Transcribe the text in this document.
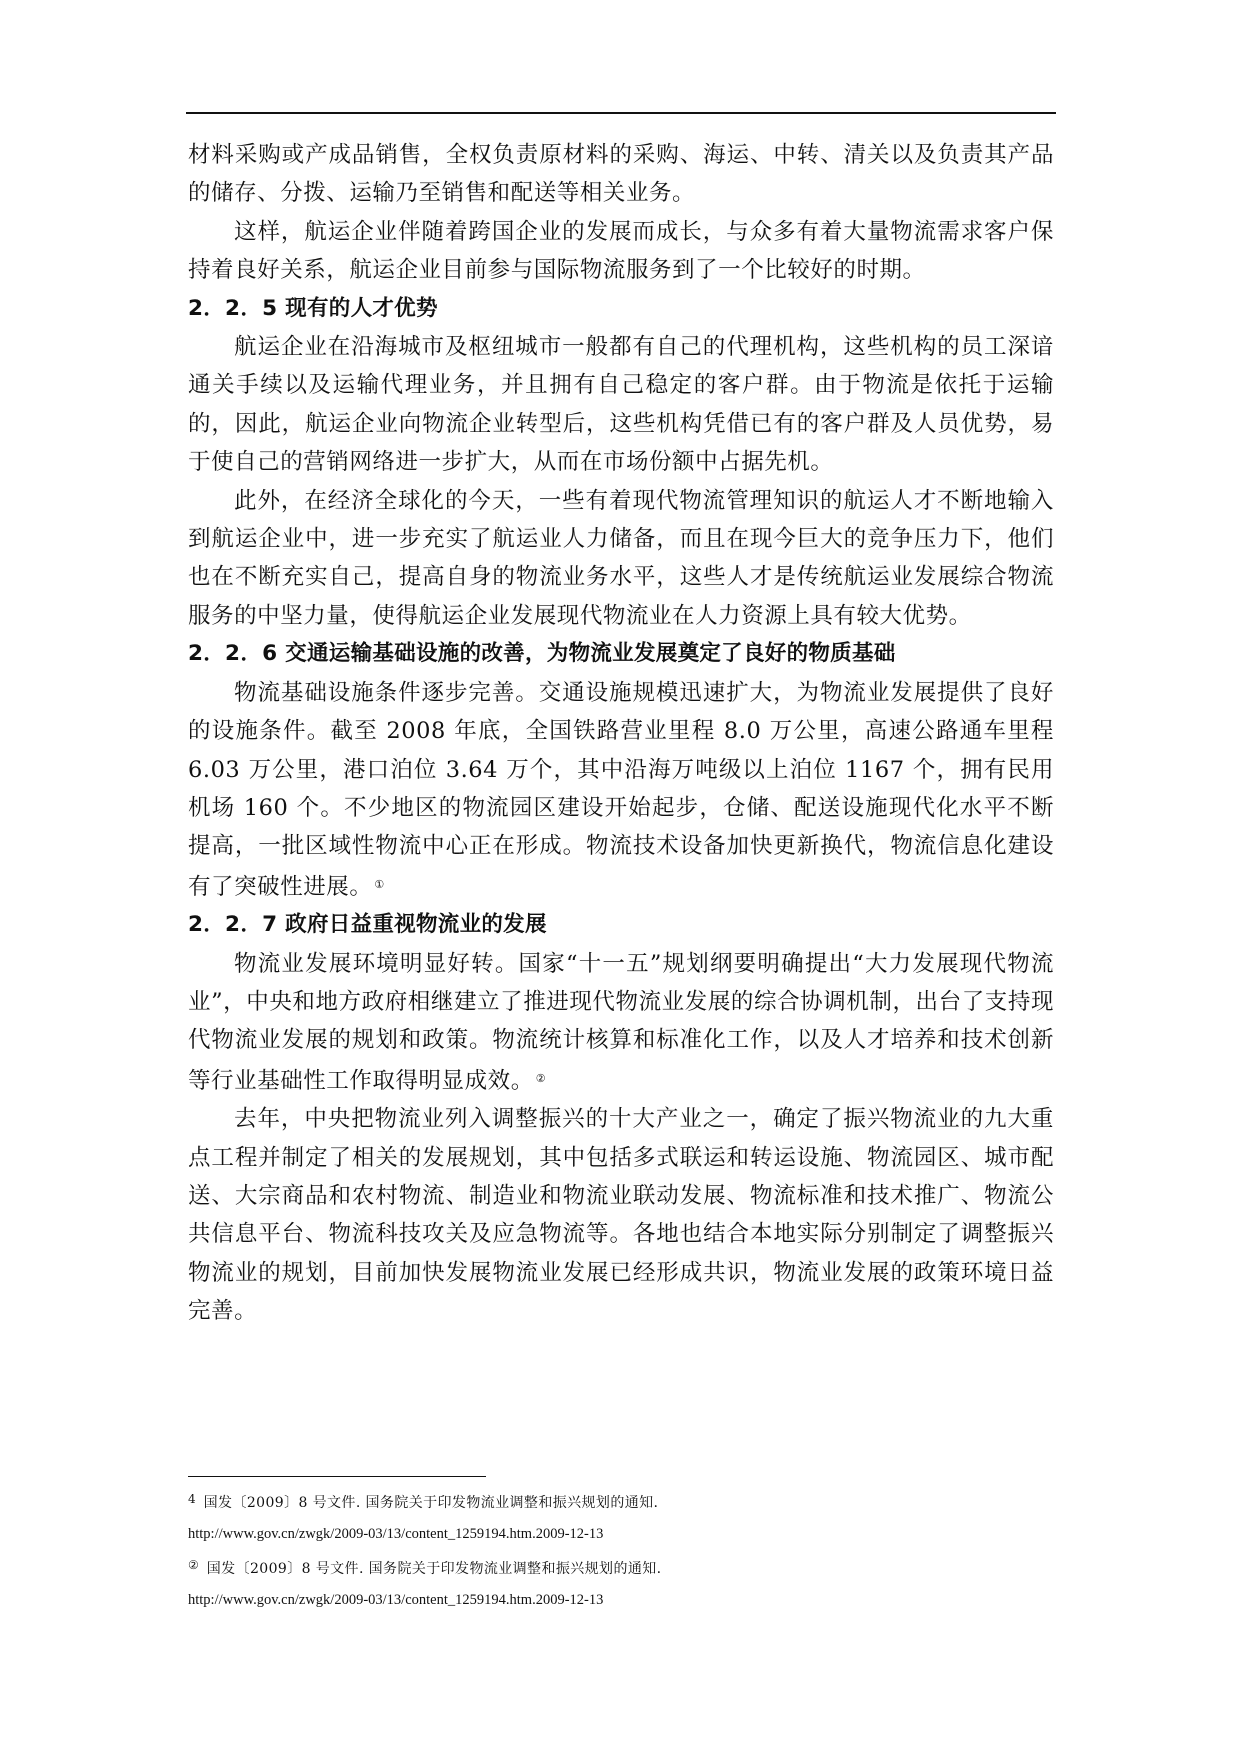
材料采购或产成品销售，全权负责原材料的采购、海运、中转、清关以及负责其产品的储存、分拨、运输乃至销售和配送等相关业务。

这样，航运企业伴随着跨国企业的发展而成长，与众多有着大量物流需求客户保持着良好关系，航运企业目前参与国际物流服务到了一个比较好的时期。

2．2．5 现有的人才优势

航运企业在沿海城市及枢纽城市一般都有自己的代理机构，这些机构的员工深谙通关手续以及运输代理业务，并且拥有自己稳定的客户群。由于物流是依托于运输的，因此，航运企业向物流企业转型后，这些机构凭借已有的客户群及人员优势，易于使自己的营销网络进一步扩大，从而在市场份额中占据先机。

此外，在经济全球化的今天，一些有着现代物流管理知识的航运人才不断地输入到航运企业中，进一步充实了航运业人力储备，而且在现今巨大的竞争压力下，他们也在不断充实自己，提高自身的物流业务水平，这些人才是传统航运业发展综合物流服务的中坚力量，使得航运企业发展现代物流业在人力资源上具有较大优势。

2．2．6 交通运输基础设施的改善，为物流业发展奠定了良好的物质基础

物流基础设施条件逐步完善。交通设施规模迅速扩大，为物流业发展提供了良好的设施条件。截至 2008 年底，全国铁路营业里程 8.0 万公里，高速公路通车里程 6.03 万公里，港口泊位 3.64 万个，其中沿海万吨级以上泊位 1167 个，拥有民用机场 160 个。不少地区的物流园区建设开始起步，仓储、配送设施现代化水平不断提高，一批区域性物流中心正在形成。物流技术设备加快更新换代，物流信息化建设有了突破性进展。 ①

2．2．7 政府日益重视物流业的发展

物流业发展环境明显好转。国家“十一五”规划纲要明确提出“大力发展现代物流业”，中央和地方政府相继建立了推进现代物流业发展的综合协调机制，出台了支持现代物流业发展的规划和政策。物流统计核算和标准化工作，以及人才培养和技术创新等行业基础性工作取得明显成效。 ②

去年，中央把物流业列入调整振兴的十大产业之一，确定了振兴物流业的九大重点工程并制定了相关的发展规划，其中包括多式联运和转运设施、物流园区、城市配送、大宗商品和农村物流、制造业和物流业联动发展、物流标准和技术推广、物流公共信息平台、物流科技攻关及应急物流等。各地也结合本地实际分别制定了调整振兴物流业的规划，目前加快发展物流业发展已经形成共识，物流业发展的政策环境日益完善。

4 国发〔2009〕8 号文件. 国务院关于印发物流业调整和振兴规划的通知.

http://www.gov.cn/zwgk/2009-03/13/content_1259194.htm.2009-12-13

② 国发〔2009〕8 号文件. 国务院关于印发物流业调整和振兴规划的通知.

http://www.gov.cn/zwgk/2009-03/13/content_1259194.htm.2009-12-13
